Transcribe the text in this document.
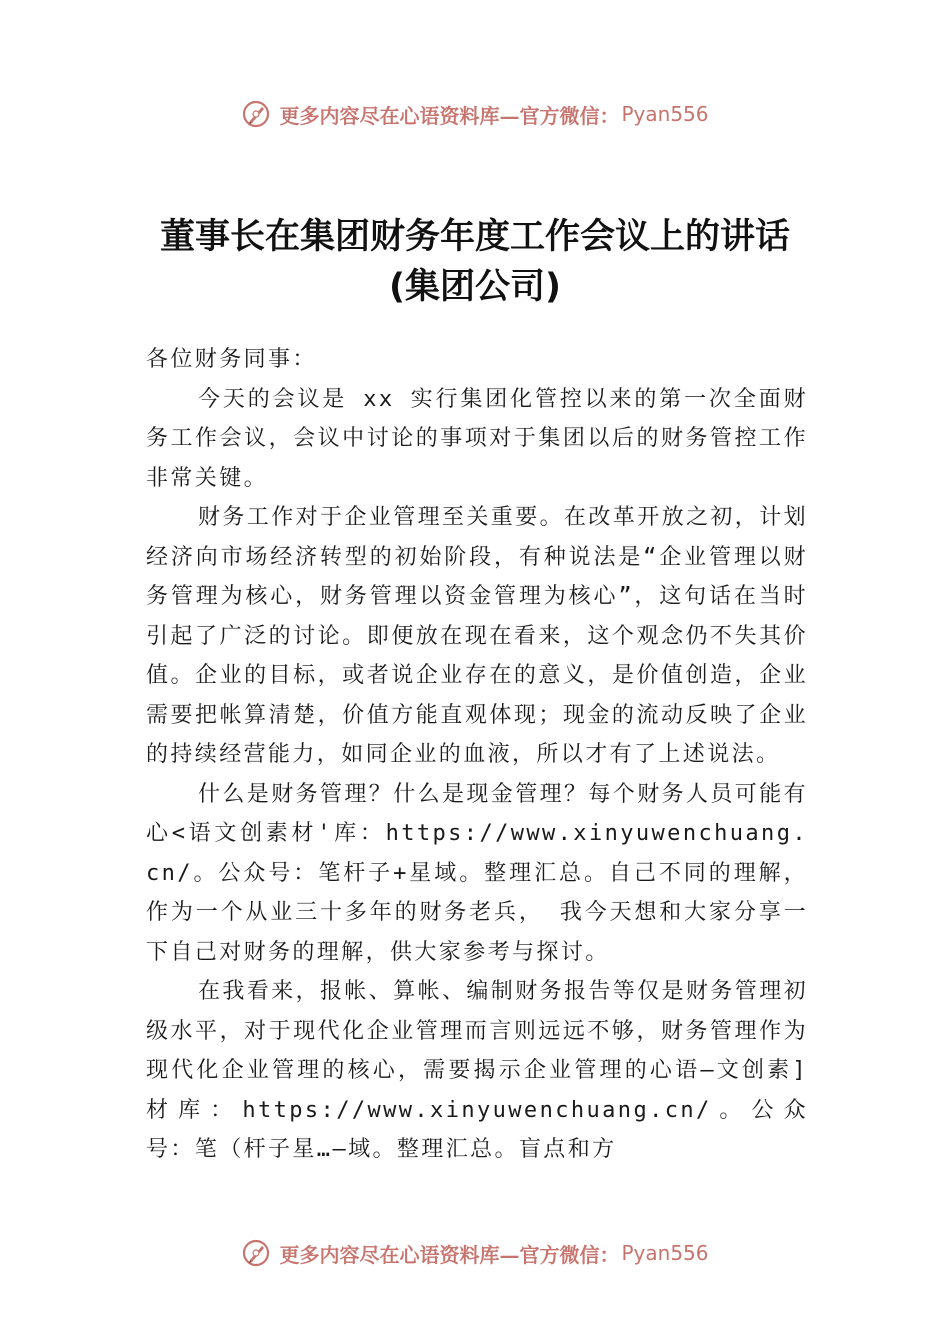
更多内容尽在心语资料库—官方微信： Pyan556
董事长在集团财务年度工作会议上的讲话
(集团公司)

各位财务同事：

今天的会议是 xx 实行集团化管控以来的第一次全面财务工作会议，会议中讨论的事项对于集团以后的财务管控工作非常关键。

财务工作对于企业管理至关重要。在改革开放之初，计划经济向市场经济转型的初始阶段，有种说法是“企业管理以财务管理为核心，财务管理以资金管理为核心”，这句话在当时引起了广泛的讨论。即便放在现在看来，这个观念仍不失其价值。企业的目标，或者说企业存在的意义，是价值创造，企业需要把帐算清楚，价值方能直观体现；现金的流动反映了企业的持续经营能力，如同企业的血液，所以才有了上述说法。

什么是财务管理？什么是现金管理？每个财务人员可能有心<语文创素材'库：https://www.xinyuwenchuang.cn/。公众号：笔杆子+星域。整理汇总。自己不同的理解，作为一个从业三十多年的财务老兵， 我今天想和大家分享一下自己对财务的理解，供大家参考与探讨。

在我看来，报帐、算帐、编制财务报告等仅是财务管理初级水平，对于现代化企业管理而言则远远不够，财务管理作为现代化企业管理的核心，需要揭示企业管理的心语—文创素]材库：https://www.xinyuwenchuang.cn/。公众号：笔（杆子星…—域。整理汇总。盲点和方

更多内容尽在心语资料库—官方微信： Pyan556
